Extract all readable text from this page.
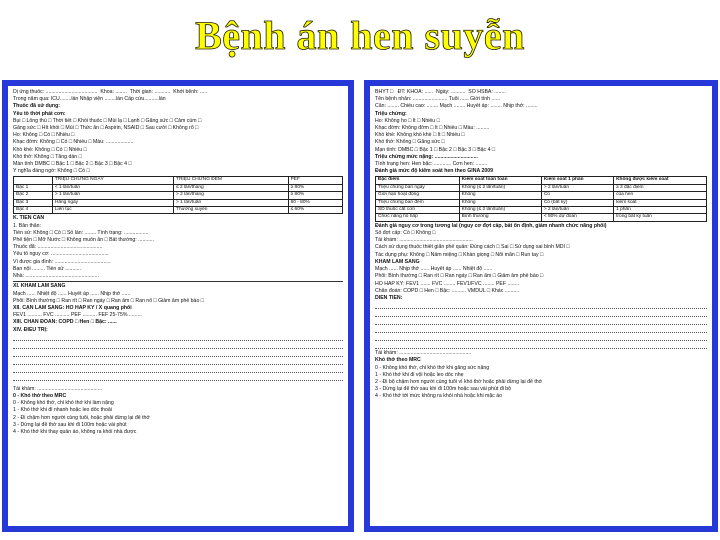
Bệnh án hen suyễn
Dị ứng thuốc: .................................... Khoa: ........ Thời gian: ........... Khởi bệnh: .....
Trong năm qua: ICU........lần Nhập viện ........lần Cấp cứu..........lần
Thuốc đã sử dụng:
Yếu tố thời phát cơn:
Bụi □ Lông thú □ Thời tiết □ Khói thuốc □ Mùi lạ □ Lạnh □ Gắng sức □ Cảm cúm □
Gắng sức □ Hít khói □ Mùi □ Thức ăn □ Aspirin, NSAID □ Sau cười □ Không rõ □
Ho: Không □ Có □ Nhiều □
Khạc đờm: Không □ Có □ Nhiều □ Màu: ...................
Khò khè: Không □ Có □ Nhiều □
Khó thở: Không □ Tăng dần □
Màn tính DMBC □ Bậc 1 □ Bậc 2 □ Bậc 3 □ Bậc 4 □
Ý nghĩa đáng ngờ: Không □ Có □
	TRIỆU CHỨNG NGÀY	TRIỆU CHỨNG ĐÊM	PEF
Bậc 1	< 1 lần/tuần	≤ 2 lần/tháng	≥ 80%
Bậc 2	> 1 lần/tuần	> 2 lần/tháng	≥ 80%
Bậc 3	Hằng ngày	> 1 lần/tuần	60 - 80%
Bậc 4	Liên tục	Thường xuyên	≤ 60%
K. TIỀN CĂN
1. Bản thân:
Tiền sử: Không □ Có □ Số lần: ........ Tình trạng: .................
Phế tiện □ Mỡ Nước □ Không muốn ăn □ Bất thường: ...........
Thuốc đã: .............................................
Yếu tố nguy cơ: ........................................
Vì được gia đình: .......................................
Bạn nội ......... Tiền sử ...........
Nhà: ...................................................
XI. KHÁM LÂM SÀNG
Mạch ...... Nhiệt độ ...... Huyết áp ...... Nhịp thở ......
Phổi: Bình thường □ Ran rít □ Ran ngáy □ Ran ẩm □ Ran nổ □ Giảm âm phế bào □
XII. CẬN LÂM SÀNG: HÔ HẤP KÝ / X quang phổi
FEV1 .......... FVC .......... PEF .......... FEF 25-75% .........
XIII. CHẨN ĐOÁN: COPD □ Hen □ Bậc: ......
XIV. ĐIỀU TRỊ:
Tái khám: .............................................
0 - Khó thở theo MRC
0 - Không khó thở, chỉ khó thở khi làm nặng
1 - Khó thở khi đi nhanh hoặc leo dốc thoải
2 - Đi chậm hơn người cùng tuổi, hoặc phải dừng lại để thở
3 - Dừng lại để thở sau khi đi 100m hoặc vài phút
4 - Khó thở khi thay quần áo, không ra khỏi nhà được
BHYT □ ĐT: KHOA: ...... Ngày: .......... SỐ HSBA: ........
Tên bệnh nhân: ........................ Tuổi ...... Giới tính ......
Cân: ........ Chiều cao: ........ Mạch ........ Huyết áp: ........ Nhịp thở: ........
Triệu chứng:
Ho: Không ho □ Ít □ Nhiều □
Khạc đờm: Không đờm □ Ít □ Nhiều □ Màu: .........
Khò khè: Không khò khè □ Ít □ Nhiều □
Khó thở: Không □ Gắng sức □
Mạn tính: DMBC □ Bậc 1 □ Bậc 2 □ Bậc 3 □ Bậc 4 □
Triệu chứng mức nặng: ..............................
Tình trạng hen: Hen bậc: ............ Cơn hen: ........
Đánh giá mức độ kiểm soát hen theo GINA 2009
Đặc điểm	Kiểm soát toàn toàn	Kiểm soát 1 phần	Không được kiểm soát
Triệu chứng ban ngày	Không (≤ 2 lần/tuần)	> 2 lần/tuần	≥ 3 đặc điểm
Giới hạn hoạt động	Không	Có	của hen
Triệu chứng ban đêm	Không	Có (bất kỳ)	kiểm soát
SD thuốc cắt cơn	Không (≤ 2 lần/tuần)	> 2 lần/tuần	1 phần
Chức năng hô hấp	Bình thường	< 80% dự đoán	trong bất kỳ tuần
Đánh giá nguy cơ trong tương lai (nguy cơ đợt cấp, bất ổn định, giảm nhanh chức năng phổi)
Số đợt cấp: Có □ Không □
Tái khám: ...................................................
Cách sử dụng thuốc thiết giãn phế quản: Đúng cách □ Sai □ Sử dụng sai bình MDI □
Tác dụng phụ: Không □ Nấm miệng □ Khàn giọng □ Nổi mẩn □ Run tay □
KHÁM LÂM SÀNG
Mạch ...... Nhịp thở ...... Huyết áp ...... Nhiệt độ ......
Phổi: Bình thường □ Ran rít □ Ran ngáy □ Ran ẩm □ Giảm âm phế bào □
HÔ HẤP KÝ: FEV1 ....... FVC ........ FEV1/FVC ........ PEF ........
Chẩn đoán: COPD □ Hen □ Bậc: .......... VMDUL □ Khác ..........
DIỄN TIẾN:
Tái khám: ..................................................
Khó thở theo MRC
0 - Không khó thở, chỉ khó thở khi gắng sức nặng
1 - Khó thở khi đi vội hoặc leo dốc nhẹ
2 - Đi bộ chậm hơn người cùng tuổi vì khó thở hoặc phải dừng lại để thở
3 - Dừng lại để thở sau khi đi 100m hoặc sau vài phút đi bộ
4 - Khó thở tới mức không ra khỏi nhà hoặc khi mặc áo
